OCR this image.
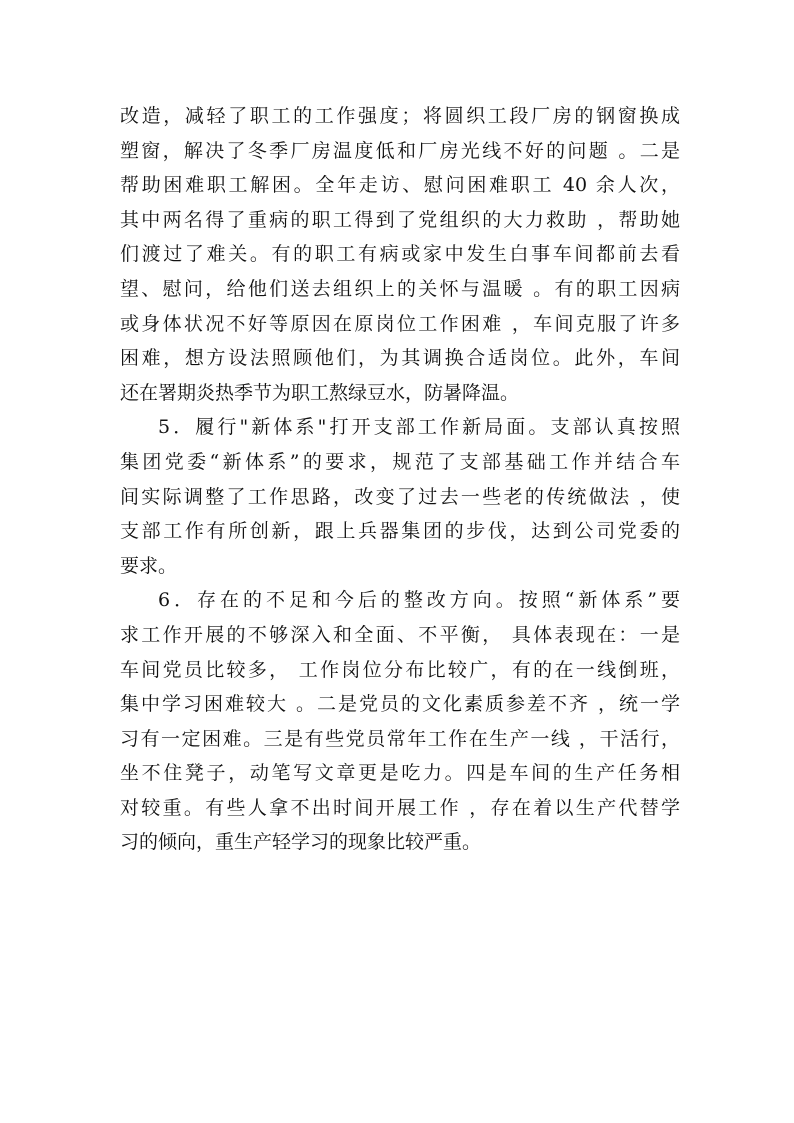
改造，减轻了职工的工作强度；将圆织工段厂房的钢窗换成
塑窗，解决了冬季厂房温度低和厂房光线不好的问题 。二是
帮助困难职工解困。全年走访、慰问困难职工 40 余人次，
其中两名得了重病的职工得到了党组织的大力救助 ，帮助她
们渡过了难关。有的职工有病或家中发生白事车间都前去看
望、慰问，给他们送去组织上的关怀与温暖 。有的职工因病
或身体状况不好等原因在原岗位工作困难 ，车间克服了许多
困难，想方设法照顾他们，为其调换合适岗位。此外，车间
还在署期炎热季节为职工熬绿豆水，防暑降温。
5．履行"新体系"打开支部工作新局面。支部认真按照
集团党委“新体系”的要求，规范了支部基础工作并结合车
间实际调整了工作思路，改变了过去一些老的传统做法 ，使
支部工作有所创新，跟上兵器集团的步伐，达到公司党委的
要求。
6．存在的不足和今后的整改方向。按照“新体系”要
求工作开展的不够深入和全面、不平衡， 具体表现在：一是
车间党员比较多， 工作岗位分布比较广，有的在一线倒班，
集中学习困难较大 。二是党员的文化素质参差不齐 ，统一学
习有一定困难。三是有些党员常年工作在生产一线 ，干活行，
坐不住凳子，动笔写文章更是吃力。四是车间的生产任务相
对较重。有些人拿不出时间开展工作 ，存在着以生产代替学
习的倾向，重生产轻学习的现象比较严重。
